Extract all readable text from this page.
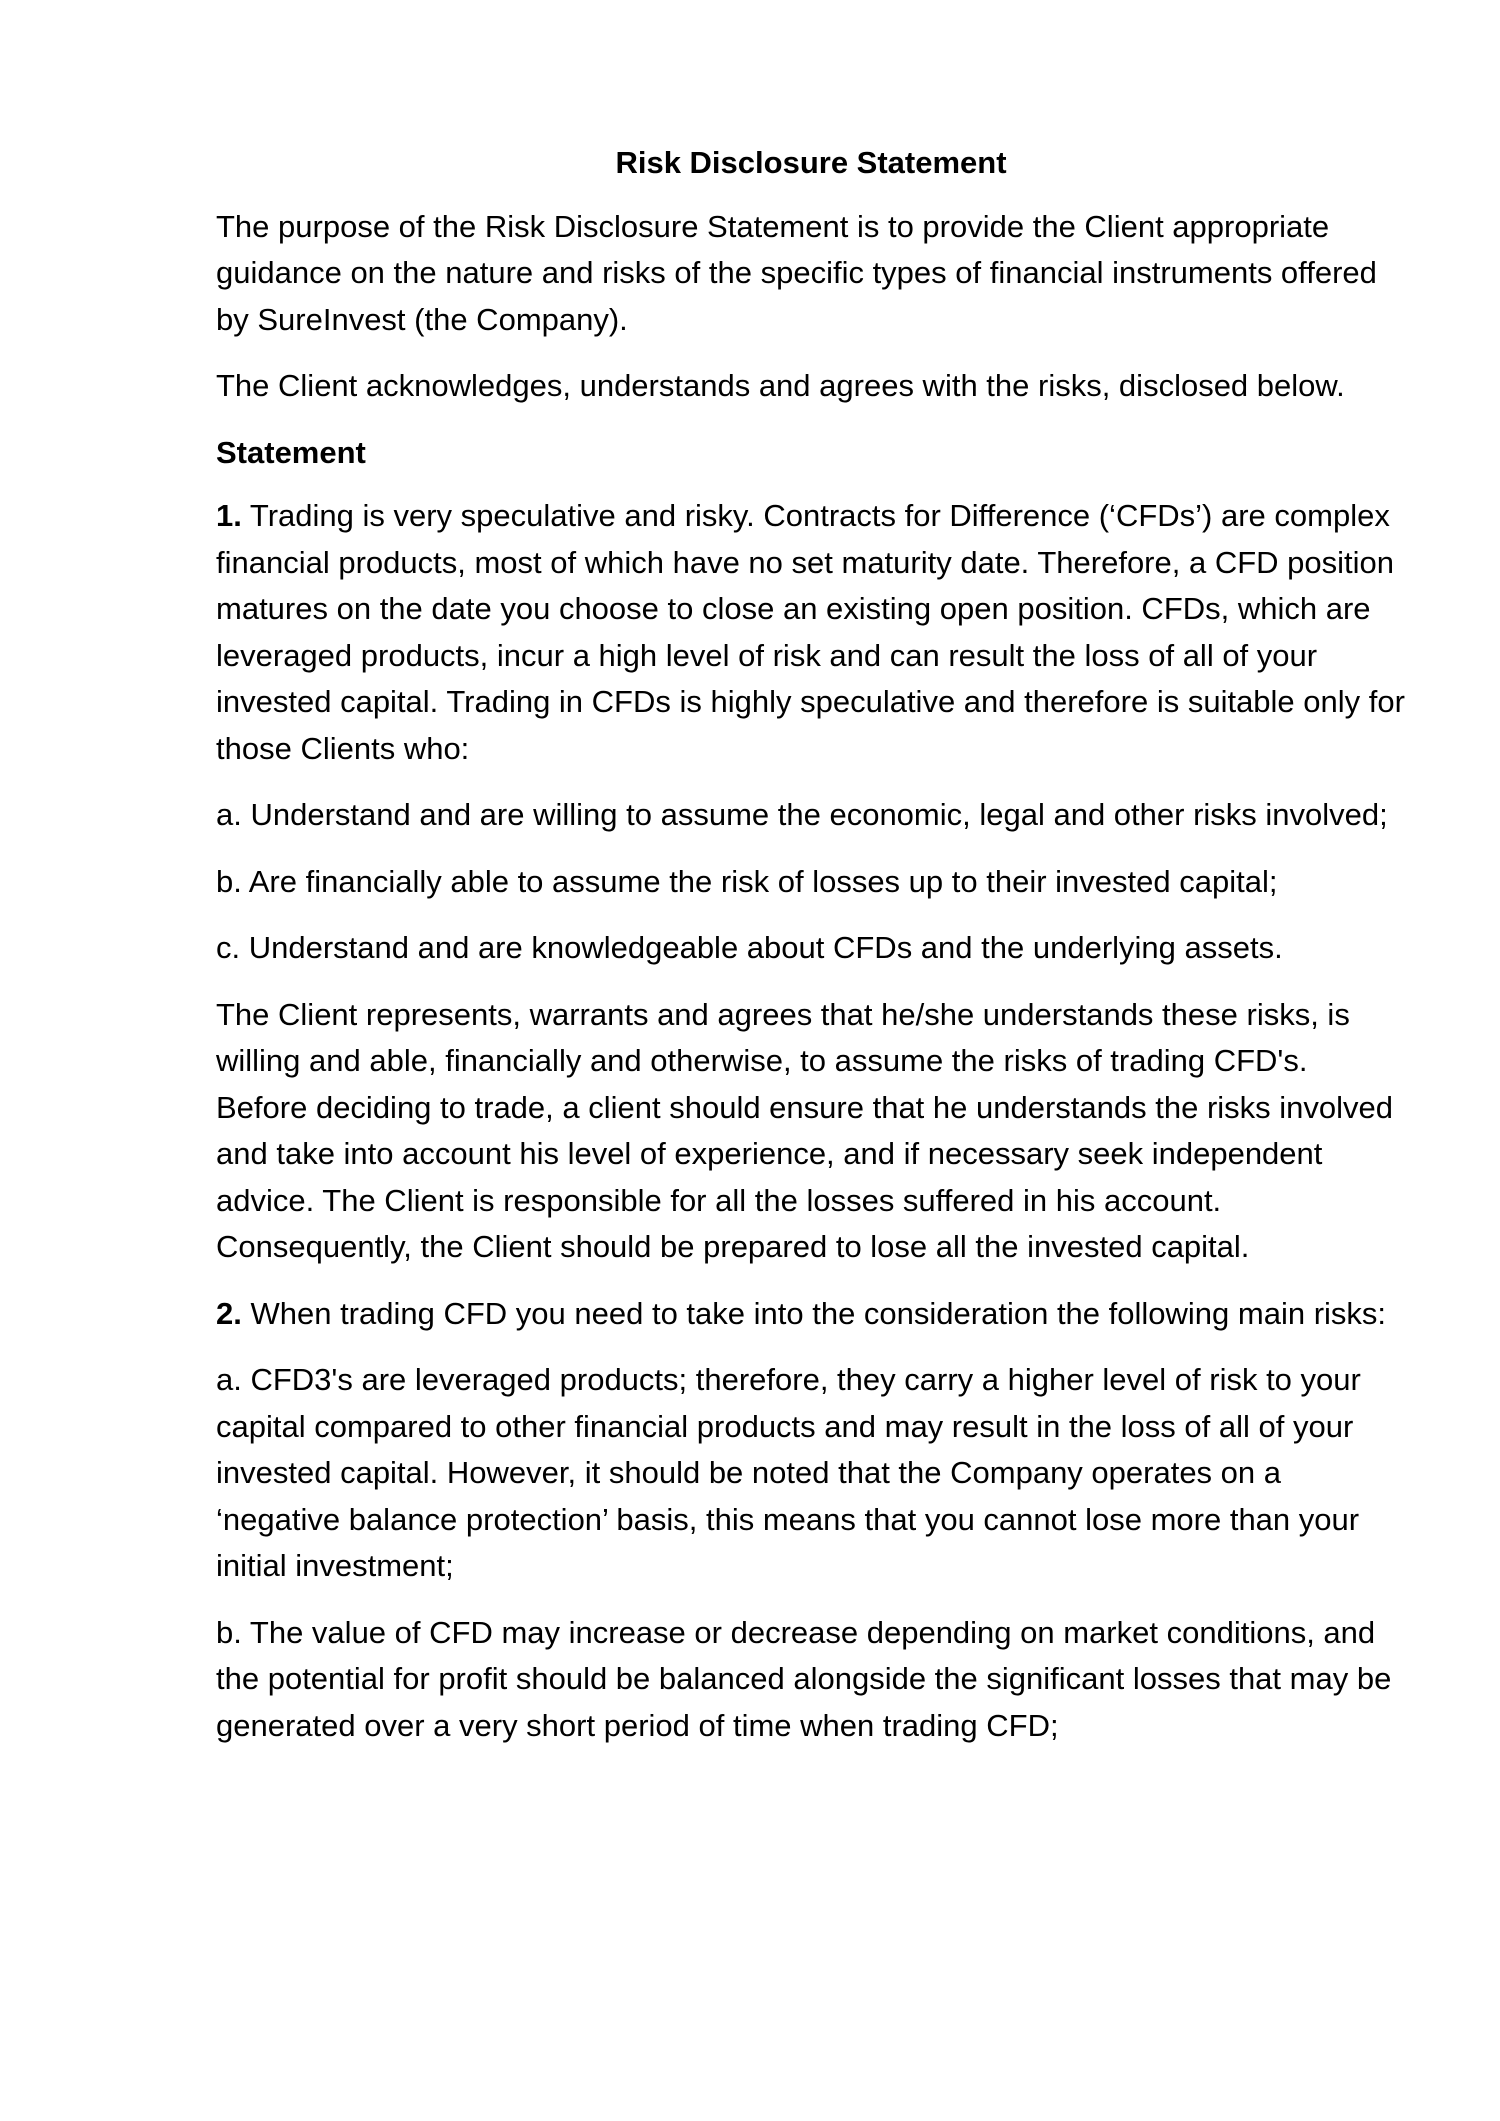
Risk Disclosure Statement

The purpose of the Risk Disclosure Statement is to provide the Client appropriate guidance on the nature and risks of the specific types of financial instruments offered by SureInvest (the Company).

The Client acknowledges, understands and agrees with the risks, disclosed below.

Statement

1. Trading is very speculative and risky. Contracts for Difference (‘CFDs’) are complex financial products, most of which have no set maturity date. Therefore, a CFD position matures on the date you choose to close an existing open position. CFDs, which are leveraged products, incur a high level of risk and can result the loss of all of your invested capital. Trading in CFDs is highly speculative and therefore is suitable only for those Clients who:

a. Understand and are willing to assume the economic, legal and other risks involved;

b. Are financially able to assume the risk of losses up to their invested capital;

c. Understand and are knowledgeable about CFDs and the underlying assets.

The Client represents, warrants and agrees that he/she understands these risks, is willing and able, financially and otherwise, to assume the risks of trading CFD's. Before deciding to trade, a client should ensure that he understands the risks involved and take into account his level of experience, and if necessary seek independent advice. The Client is responsible for all the losses suffered in his account. Consequently, the Client should be prepared to lose all the invested capital.

2. When trading CFD you need to take into the consideration the following main risks:

a. CFD3's are leveraged products; therefore, they carry a higher level of risk to your capital compared to other financial products and may result in the loss of all of your invested capital. However, it should be noted that the Company operates on a ‘negative balance protection’ basis, this means that you cannot lose more than your initial investment;

b. The value of CFD may increase or decrease depending on market conditions, and the potential for profit should be balanced alongside the significant losses that may be generated over a very short period of time when trading CFD;
